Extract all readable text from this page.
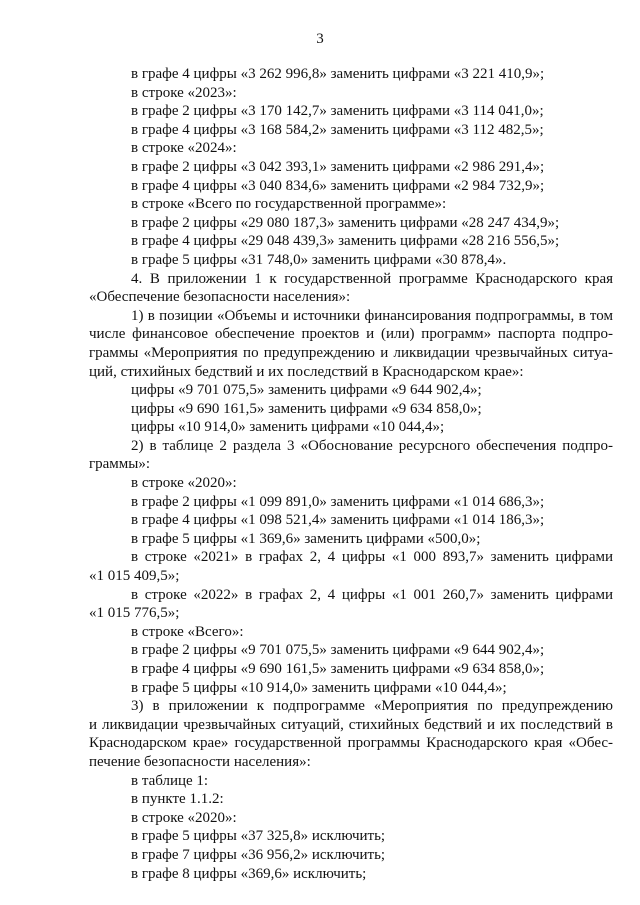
3
в графе 4 цифры «3 262 996,8» заменить цифрами «3 221 410,9»;
в строке «2023»:
в графе 2 цифры «3 170 142,7» заменить цифрами «3 114 041,0»;
в графе 4 цифры «3 168 584,2» заменить цифрами «3 112 482,5»;
в строке «2024»:
в графе 2 цифры «3 042 393,1» заменить цифрами «2 986 291,4»;
в графе 4 цифры «3 040 834,6» заменить цифрами «2 984 732,9»;
в строке «Всего по государственной программе»:
в графе 2 цифры «29 080 187,3» заменить цифрами «28 247 434,9»;
в графе 4 цифры «29 048 439,3» заменить цифрами «28 216 556,5»;
в графе 5 цифры «31 748,0» заменить цифрами «30 878,4».
4. В приложении 1 к государственной программе Краснодарского края
«Обеспечение безопасности населения»:
1) в позиции «Объемы и источники финансирования подпрограммы, в том
числе финансовое обеспечение проектов и (или) программ» паспорта подпро-
граммы «Мероприятия по предупреждению и ликвидации чрезвычайных ситуа-
ций, стихийных бедствий и их последствий в Краснодарском крае»:
цифры «9 701 075,5» заменить цифрами «9 644 902,4»;
цифры «9 690 161,5» заменить цифрами «9 634 858,0»;
цифры «10 914,0» заменить цифрами «10 044,4»;
2) в таблице 2 раздела 3 «Обоснование ресурсного обеспечения подпро-
граммы»:
в строке «2020»:
в графе 2 цифры «1 099 891,0» заменить цифрами «1 014 686,3»;
в графе 4 цифры «1 098 521,4» заменить цифрами «1 014 186,3»;
в графе 5 цифры «1 369,6» заменить цифрами «500,0»;
в строке «2021» в графах 2, 4 цифры «1 000 893,7» заменить цифрами
«1 015 409,5»;
в строке «2022» в графах 2, 4 цифры «1 001 260,7» заменить цифрами
«1 015 776,5»;
в строке «Всего»:
в графе 2 цифры «9 701 075,5» заменить цифрами «9 644 902,4»;
в графе 4 цифры «9 690 161,5» заменить цифрами «9 634 858,0»;
в графе 5 цифры «10 914,0» заменить цифрами «10 044,4»;
3) в приложении к подпрограмме «Мероприятия по предупреждению
и ликвидации чрезвычайных ситуаций, стихийных бедствий и их последствий в
Краснодарском крае» государственной программы Краснодарского края «Обес-
печение безопасности населения»:
в таблице 1:
в пункте 1.1.2:
в строке «2020»:
в графе 5 цифры «37 325,8» исключить;
в графе 7 цифры «36 956,2» исключить;
в графе 8 цифры «369,6» исключить;
